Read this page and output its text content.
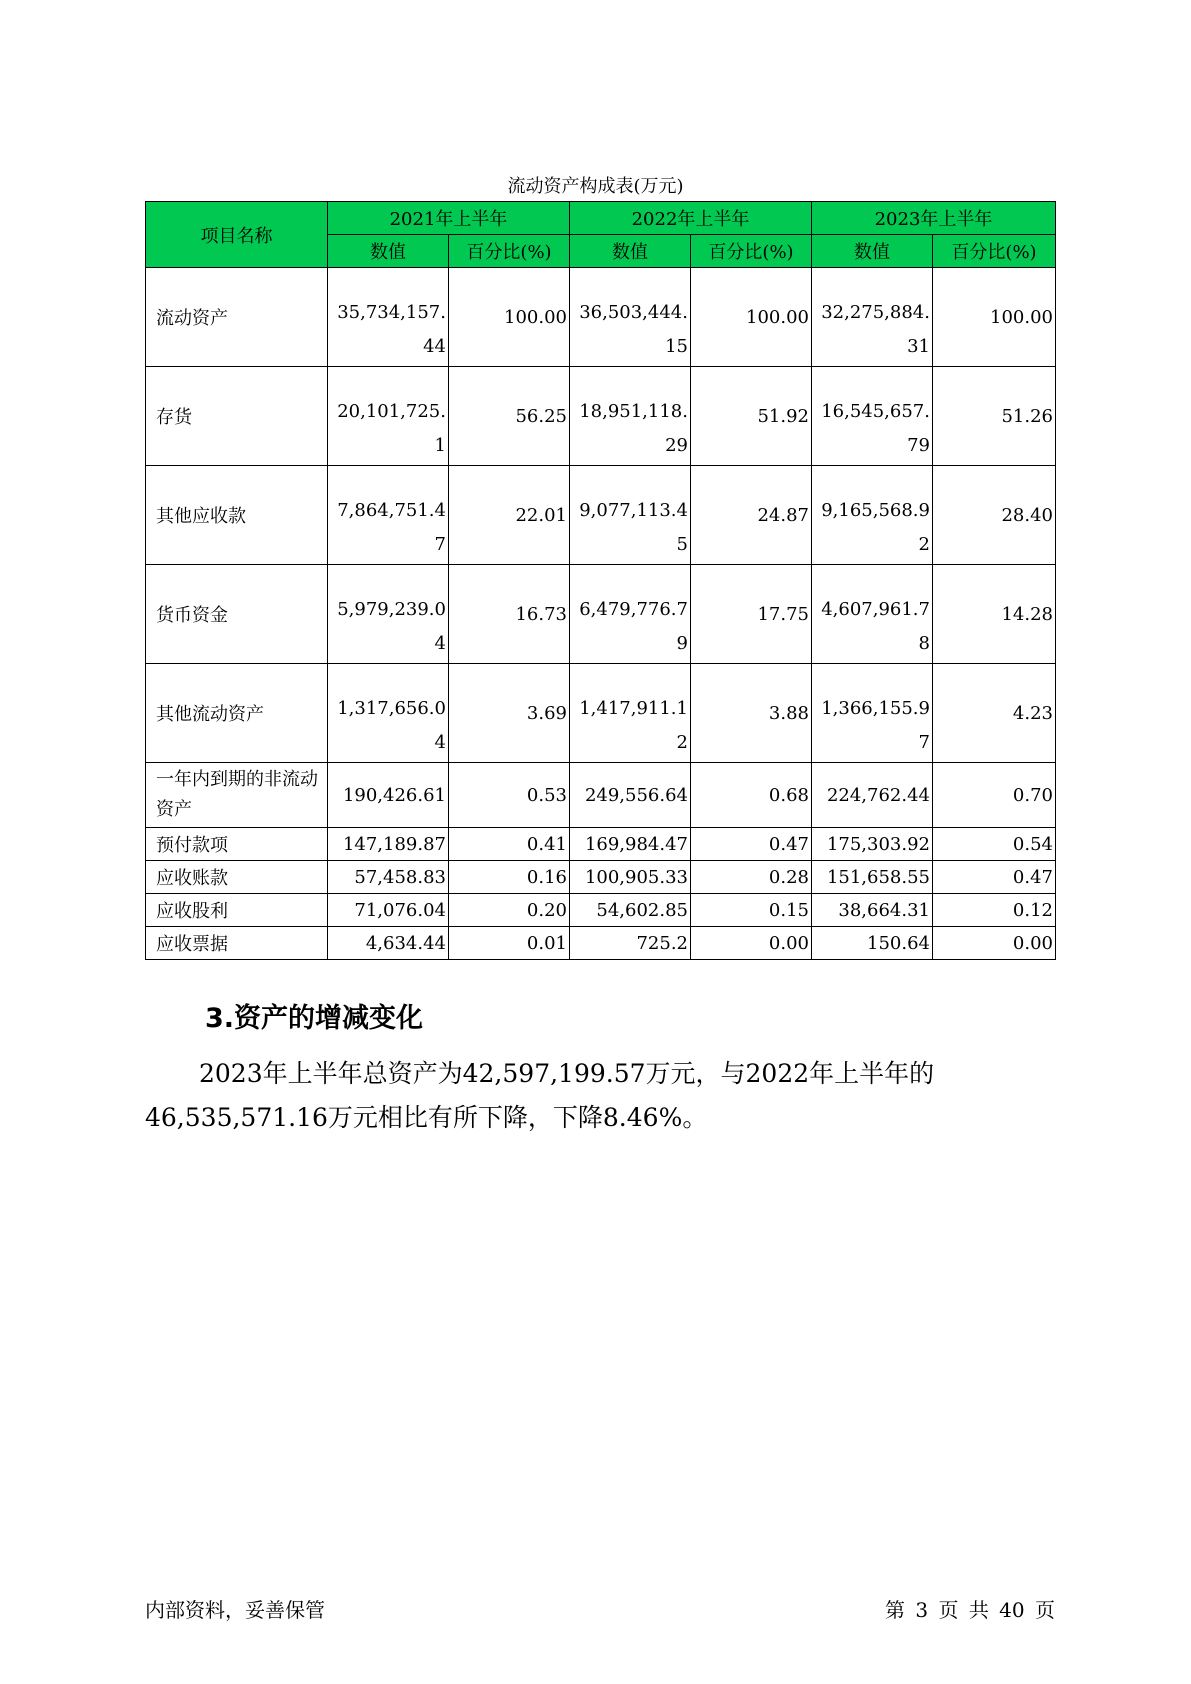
流动资产构成表(万元)
项目名称	2021年上半年		2022年上半年		2023年上半年	
	数值	百分比(%)	数值	百分比(%)	数值	百分比(%)
流动资产	35,734,157.44	100.00	36,503,444.15	100.00	32,275,884.31	100.00
存货	20,101,725.1	56.25	18,951,118.29	51.92	16,545,657.79	51.26
其他应收款	7,864,751.47	22.01	9,077,113.45	24.87	9,165,568.92	28.40
货币资金	5,979,239.04	16.73	6,479,776.79	17.75	4,607,961.78	14.28
其他流动资产	1,317,656.04	3.69	1,417,911.12	3.88	1,366,155.97	4.23
一年内到期的非流动资产	190,426.61	0.53	249,556.64	0.68	224,762.44	0.70
预付款项	147,189.87	0.41	169,984.47	0.47	175,303.92	0.54
应收账款	57,458.83	0.16	100,905.33	0.28	151,658.55	0.47
应收股利	71,076.04	0.20	54,602.85	0.15	38,664.31	0.12
应收票据	4,634.44	0.01	725.2	0.00	150.64	0.00
3.资产的增减变化

2023年上半年总资产为42,597,199.57万元，与2022年上半年的46,535,571.16万元相比有所下降，下降8.46%。

内部资料，妥善保管	第 3 页 共 40 页
